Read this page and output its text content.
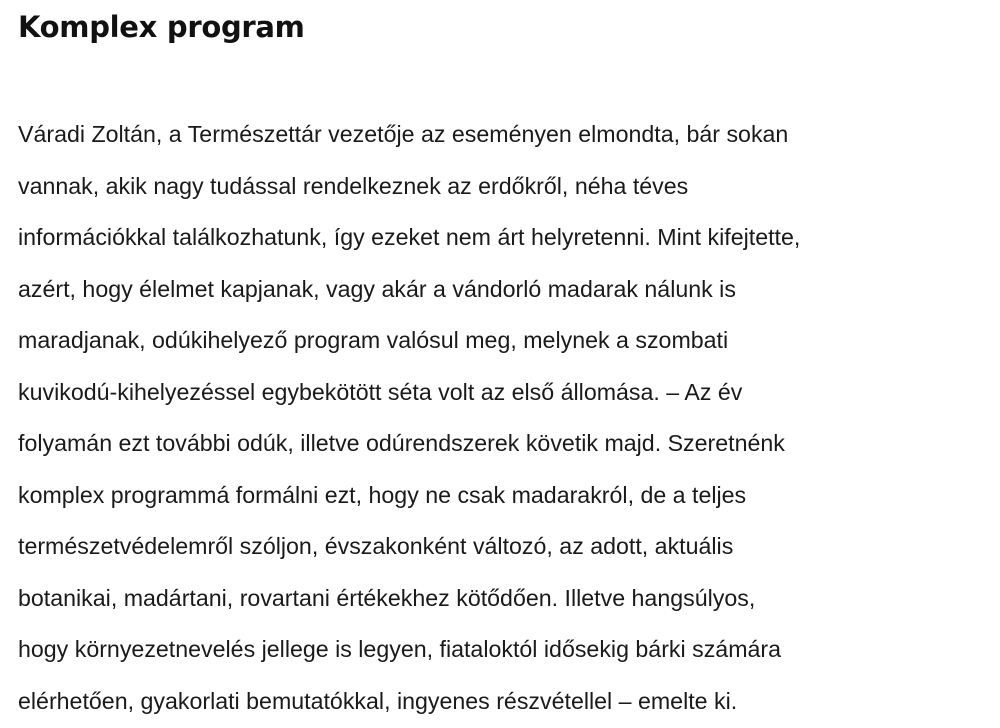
Komplex program
Váradi Zoltán, a Természettár vezetője az eseményen elmondta, bár sokan
vannak, akik nagy tudással rendelkeznek az erdőkről, néha téves
információkkal találkozhatunk, így ezeket nem árt helyretenni. Mint kifejtette,
azért, hogy élelmet kapjanak, vagy akár a vándorló madarak nálunk is
maradjanak, odúkihelyező program valósul meg, melynek a szombati
kuvikodú-kihelyezéssel egybekötött séta volt az első állomása. – Az év
folyamán ezt további odúk, illetve odúrendszerek követik majd. Szeretnénk
komplex programmá formálni ezt, hogy ne csak madarakról, de a teljes
természetvédelemről szóljon, évszakonként változó, az adott, aktuális
botanikai, madártani, rovartani értékekhez kötődően. Illetve hangsúlyos,
hogy környezetnevelés jellege is legyen, fiataloktól idősekig bárki számára
elérhetően, gyakorlati bemutatókkal, ingyenes részvétellel – emelte ki.
